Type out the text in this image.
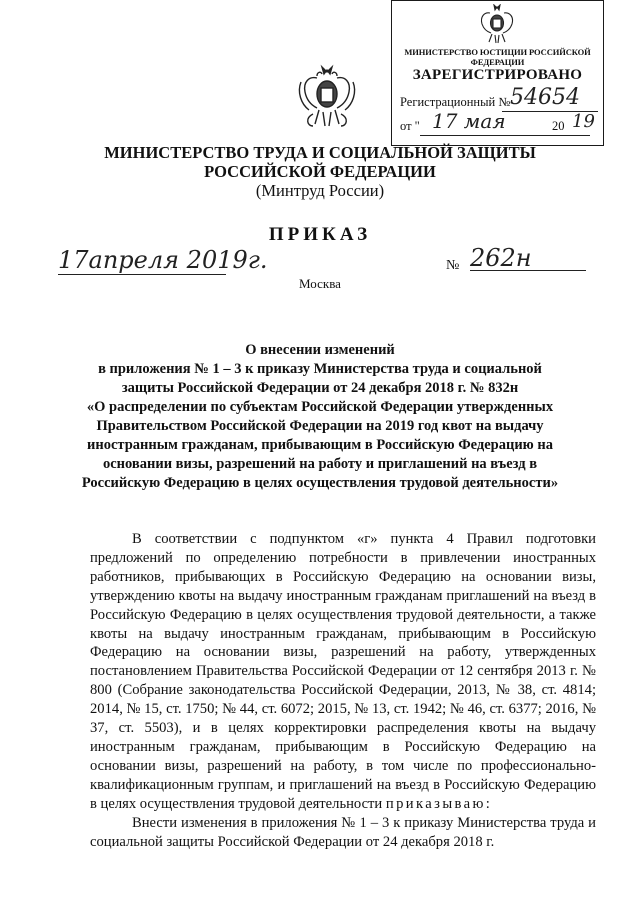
МИНИСТЕРСТВО ЮСТИЦИИ РОССИЙСКОЙ ФЕДЕРАЦИИ
ЗАРЕГИСТРИРОВАНО
Регистрационный № 54654
от " 17 мая	20 19
МИНИСТЕРСТВО ТРУДА И СОЦИАЛЬНОЙ ЗАЩИТЫ
РОССИЙСКОЙ ФЕДЕРАЦИИ
(Минтруд России)
ПРИКАЗ
17апреля 2019г.
Москва
№ 262н
О внесении изменений
в приложения № 1 – 3 к приказу Министерства труда и социальной
защиты Российской Федерации от 24 декабря 2018 г. № 832н
«О распределении по субъектам Российской Федерации утвержденных
Правительством Российской Федерации на 2019 год квот на выдачу
иностранным гражданам, прибывающим в Российскую Федерацию на
основании визы, разрешений на работу и приглашений на въезд в
Российскую Федерацию в целях осуществления трудовой деятельности»

В соответствии с подпунктом «г» пункта 4 Правил подготовки предложений по определению потребности в привлечении иностранных работников, прибывающих в Российскую Федерацию на основании визы, утверждению квоты на выдачу иностранным гражданам приглашений на въезд в Российскую Федерацию в целях осуществления трудовой деятельности, а также квоты на выдачу иностранным гражданам, прибывающим в Российскую Федерацию на основании визы, разрешений на работу, утвержденных постановлением Правительства Российской Федерации от 12 сентября 2013 г. № 800 (Собрание законодательства Российской Федерации, 2013, № 38, ст. 4814; 2014, № 15, ст. 1750; № 44, ст. 6072; 2015, № 13, ст. 1942; № 46, ст. 6377; 2016, № 37, ст. 5503), и в целях корректировки распределения квоты на выдачу иностранным гражданам, прибывающим в Российскую Федерацию на основании визы, разрешений на работу, в том числе по профессионально-квалификационным группам, и приглашений на въезд в Российскую Федерацию в целях осуществления трудовой деятельности приказываю:

Внести изменения в приложения № 1 – 3 к приказу Министерства труда и социальной защиты Российской Федерации от 24 декабря 2018 г.
